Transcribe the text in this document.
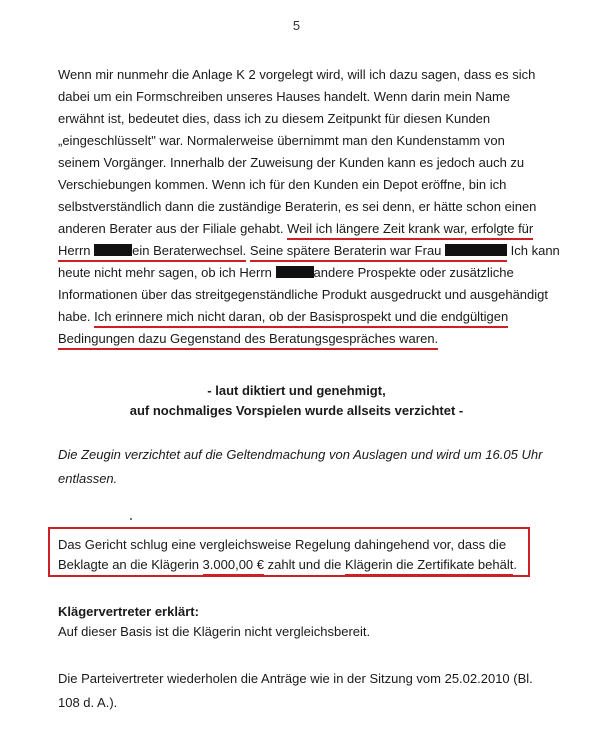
5
Wenn mir nunmehr die Anlage K 2 vorgelegt wird, will ich dazu sagen, dass es sich
dabei um ein Formschreiben unseres Hauses handelt. Wenn darin mein Name
erwähnt ist, bedeutet dies, dass ich zu diesem Zeitpunkt für diesen Kunden
„eingeschlüsselt" war. Normalerweise übernimmt man den Kundenstamm von
seinem Vorgänger. Innerhalb der Zuweisung der Kunden kann es jedoch auch zu
Verschiebungen kommen. Wenn ich für den Kunden ein Depot eröffne, bin ich
selbstverständlich dann die zuständige Beraterin, es sei denn, er hätte schon einen
anderen Berater aus der Filiale gehabt. Weil ich längere Zeit krank war, erfolgte für
Herrn	ein Beraterwechsel. Seine spätere Beraterin war Frau	Ich kann
heute nicht mehr sagen, ob ich Herrn	andere Prospekte oder zusätzliche
Informationen über das streitgegenständliche Produkt ausgedruckt und ausgehändigt
habe. Ich erinnere mich nicht daran, ob der Basisprospekt und die endgültigen
Bedingungen dazu Gegenstand des Beratungsgespräches waren.
- laut diktiert und genehmigt,
auf nochmaliges Vorspielen wurde allseits verzichtet -
Die Zeugin verzichtet auf die Geltendmachung von Auslagen und wird um 16.05 Uhr
entlassen.
Das Gericht schlug eine vergleichsweise Regelung dahingehend vor, dass die
Beklagte an die Klägerin 3.000,00 € zahlt und die Klägerin die Zertifikate behält.
Klägervertreter erklärt:
Auf dieser Basis ist die Klägerin nicht vergleichsbereit.
Die Parteivertreter wiederholen die Anträge wie in der Sitzung vom 25.02.2010 (Bl.
108 d. A.).
